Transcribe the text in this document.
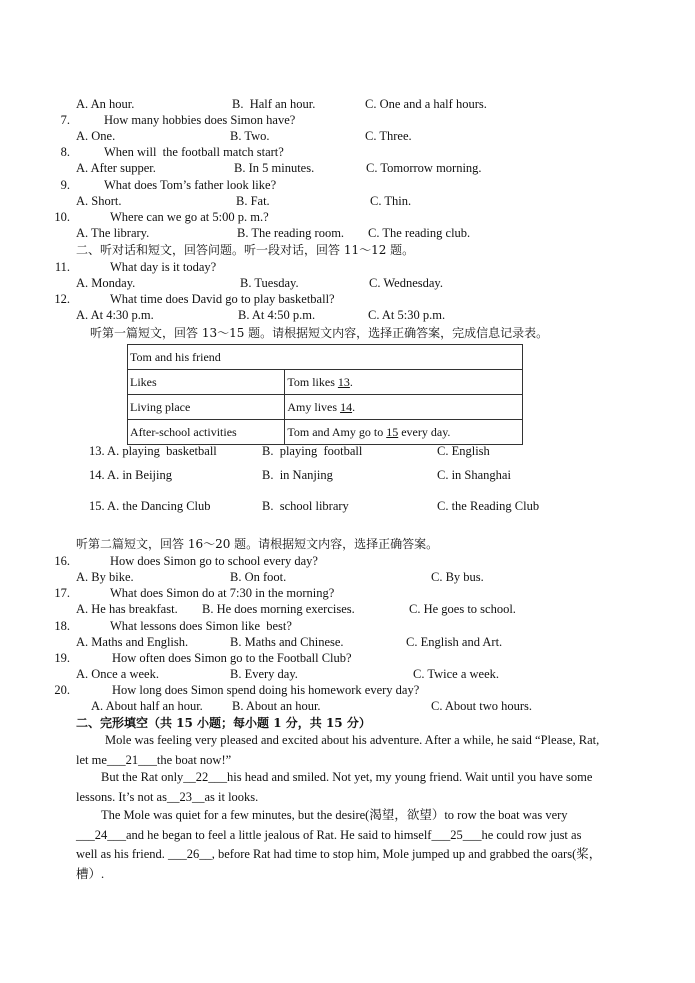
A. An hour.	B.  Half an hour.	C. One and a half hours.
7.	How many hobbies does Simon have?
A. One.	B. Two.	C. Three.
8.	When will  the football match start?
A. After supper.	B. In 5 minutes.	C. Tomorrow morning.
9.	What does Tom’s father look like?
A. Short.	B. Fat.	C. Thin.
10.	Where can we go at 5:00 p. m.?
A. The library.	B. The reading room. C. The reading club.
二、听对话和短文，回答问题。听一段对话，回答 11～12 题。
11.	What day is it today?
A. Monday.	B. Tuesday.	C. Wednesday.
12.	What time does David go to play basketball?
A. At 4:30 p.m.	B. At 4:50 p.m.	C. At 5:30 p.m.
听第一篇短文，回答 13～15 题。请根据短文内容，选择正确答案，完成信息记录表。
Tom and his friend	
Likes	Tom likes 13.
Living place	Amy lives 14.
After-school activities	Tom and Amy go to 15 every day.
13. A. playing  basketball	B.  playing  football	C. English
14. A. in Beijing	B.  in Nanjing	C. in Shanghai
15. A. the Dancing Club	B.  school library	C. the Reading Club
听第二篇短文，回答 16～20 题。请根据短文内容，选择正确答案。
16.	How does Simon go to school every day?
A. By bike.	B. On foot.	C. By bus.
17.	What does Simon do at 7:30 in the morning?
A. He has breakfast. B. He does morning exercises.	C. He goes to school.
18.	What lessons does Simon like  best?
A. Maths and English.	B. Maths and Chinese.	C. English and Art.
19.	How often does Simon go to the Football Club?
A. Once a week.	B. Every day.	C. Twice a week.
20.	How long does Simon spend doing his homework every day?
A. About half an hour. B. About an hour.	C. About two hours.
二、完形填空（共 15 小题；每小题 1 分，共 15 分）
Mole was feeling very pleased and excited about his adventure. After a while, he said “Please, Rat, let me___21___the boat now!”
But the Rat only__22___his head and smiled. Not yet, my young friend. Wait until you have some lessons. It’s not as__23__as it looks.
The Mole was quiet for a few minutes, but the desire(渴望，欲望）to row the boat was very ___24___and he began to feel a little jealous of Rat. He said to himself___25___he could row just as well as his friend. ___26__, before Rat had time to stop him, Mole jumped up and grabbed the oars(桨，槽）.
